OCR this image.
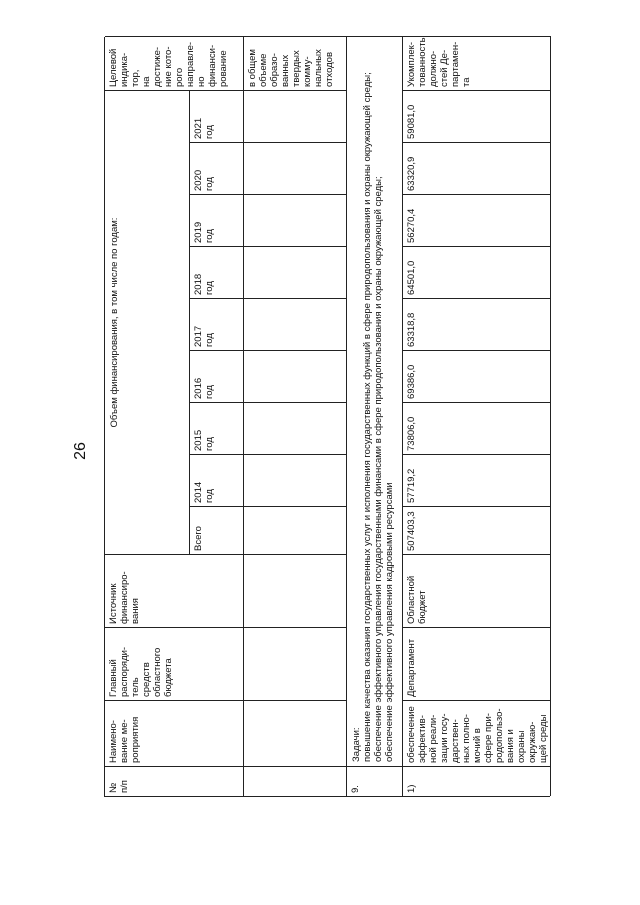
26
№
п/п
Наимено-
вание ме-
роприятия
Главный
распоряди-
тель
средств
областного
бюджета
Источник
финансиро-
вания
Объем финансирования, в том числе по годам:
Всего
2014
год
2015
год
2016
год
2017
год
2018
год
2019
год
2020
год
2021
год
Целевой
индика-
тор,
на
достиже-
ние кото-
рого
направле-
но
финанси-
рование	в общем
объеме
образо-
ванных
твердых
комму-
нальных
отходов
9.
Задачи: повышение качества оказания государственных услуг и исполнения государственных функций в сфере природопользования и охраны окружающей среды; обеспечение эффективного управления государственными финансами в сфере природопользования и охраны окружающей среды; обеспечение эффективного управления кадровыми ресурсами
1)
обеспечение
эффектив-
ной реали-
зации госу-
дарствен-
ных полно-
мочий в
сфере при-
родопользо-
вания и
охраны
окружаю-
щей среды
Департамент
Областной
бюджет
507403,3
57719,2
73806,0
69386,0
63318,8
64501,0
56270,4
63320,9
59081,0
Укомплек-
тованность
должно-
стей Де-
партамен-
та
